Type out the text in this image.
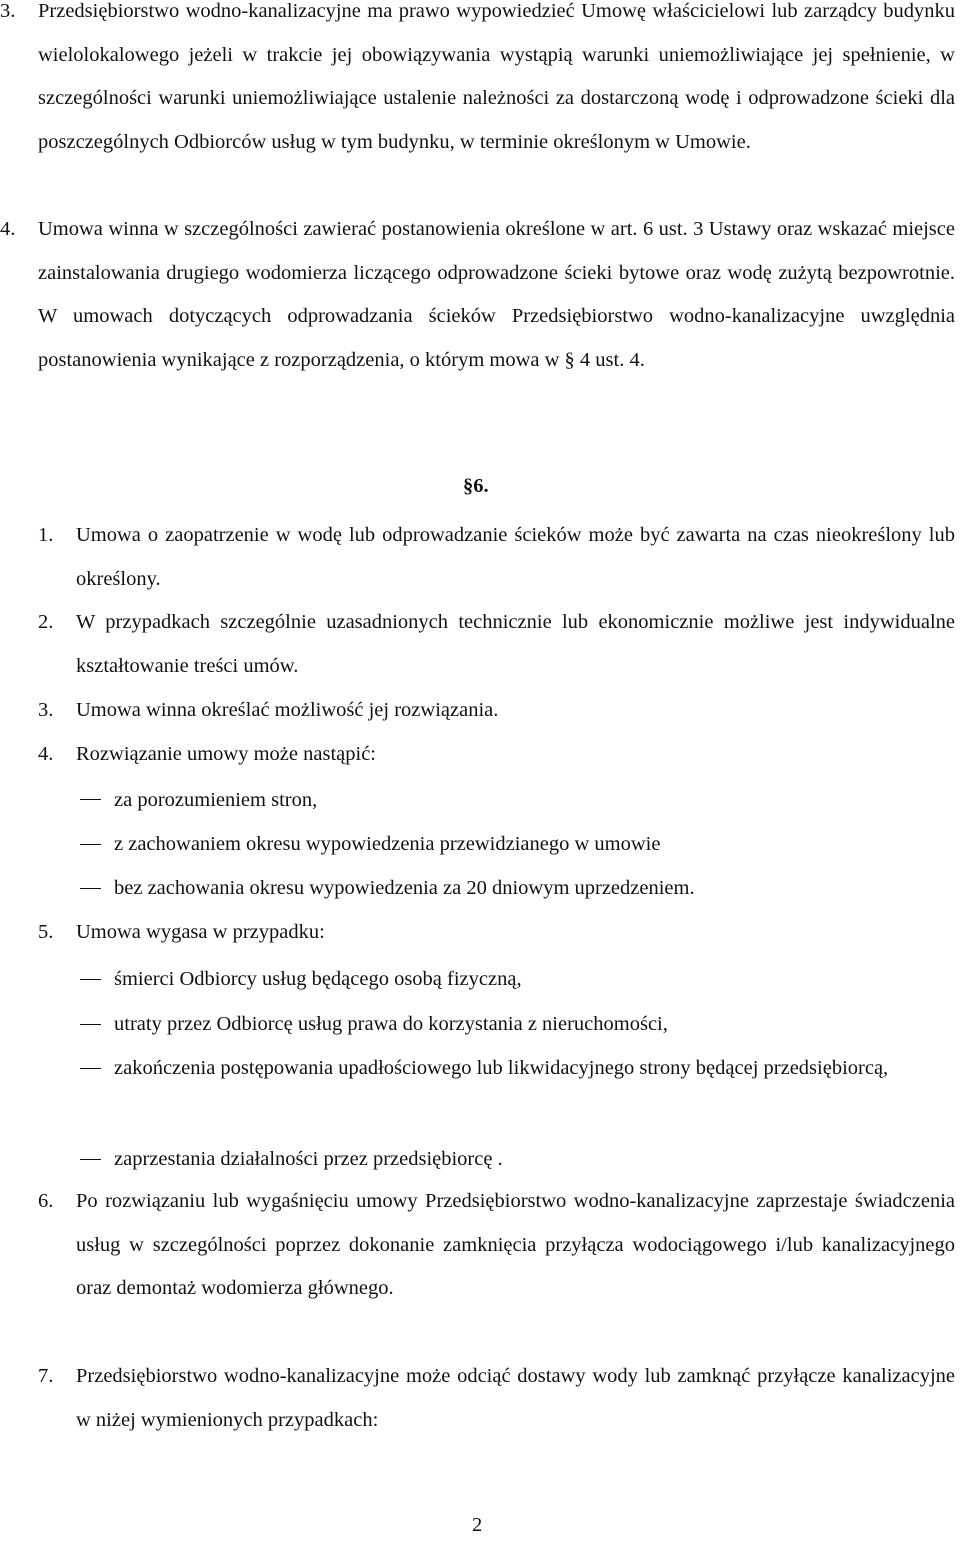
3. Przedsiębiorstwo wodno-kanalizacyjne ma prawo wypowiedzieć Umowę właścicielowi lub zarządcy budynku wielolokalowego jeżeli w trakcie jej obowiązywania wystąpią warunki uniemożliwiające jej spełnienie, w szczególności warunki uniemożliwiające ustalenie należności za dostarczoną wodę i odprowadzone ścieki dla poszczególnych Odbiorców usług w tym budynku, w terminie określonym w Umowie.

4. Umowa winna w szczególności zawierać postanowienia określone w art. 6 ust. 3 Ustawy oraz wskazać miejsce zainstalowania drugiego wodomierza liczącego odprowadzone ścieki bytowe oraz wodę zużytą bezpowrotnie. W umowach dotyczących odprowadzania ścieków Przedsiębiorstwo wodno-kanalizacyjne uwzględnia postanowienia wynikające z rozporządzenia, o którym mowa w § 4 ust. 4.

§6.
1. Umowa o zaopatrzenie w wodę lub odprowadzanie ścieków może być zawarta na czas nieokreślony lub określony.

2. W przypadkach szczególnie uzasadnionych technicznie lub ekonomicznie możliwe jest indywidualne kształtowanie treści umów.

3. Umowa winna określać możliwość jej rozwiązania.

4. Rozwiązanie umowy może nastąpić:

za porozumieniem stron,

z zachowaniem okresu wypowiedzenia przewidzianego w umowie

bez zachowania okresu wypowiedzenia za 20 dniowym uprzedzeniem.

5. Umowa wygasa w przypadku:

śmierci Odbiorcy usług będącego osobą fizyczną,

utraty przez Odbiorcę usług prawa do korzystania z nieruchomości,

zakończenia postępowania upadłościowego lub likwidacyjnego strony będącej przedsiębiorcą,

zaprzestania działalności przez przedsiębiorcę .

6. Po rozwiązaniu lub wygaśnięciu umowy Przedsiębiorstwo wodno-kanalizacyjne zaprzestaje świadczenia usług w szczególności poprzez dokonanie zamknięcia przyłącza wodociągowego i/lub kanalizacyjnego oraz demontaż wodomierza głównego.

7. Przedsiębiorstwo wodno-kanalizacyjne może odciąć dostawy wody lub zamknąć przyłącze kanalizacyjne w niżej wymienionych przypadkach:

2
